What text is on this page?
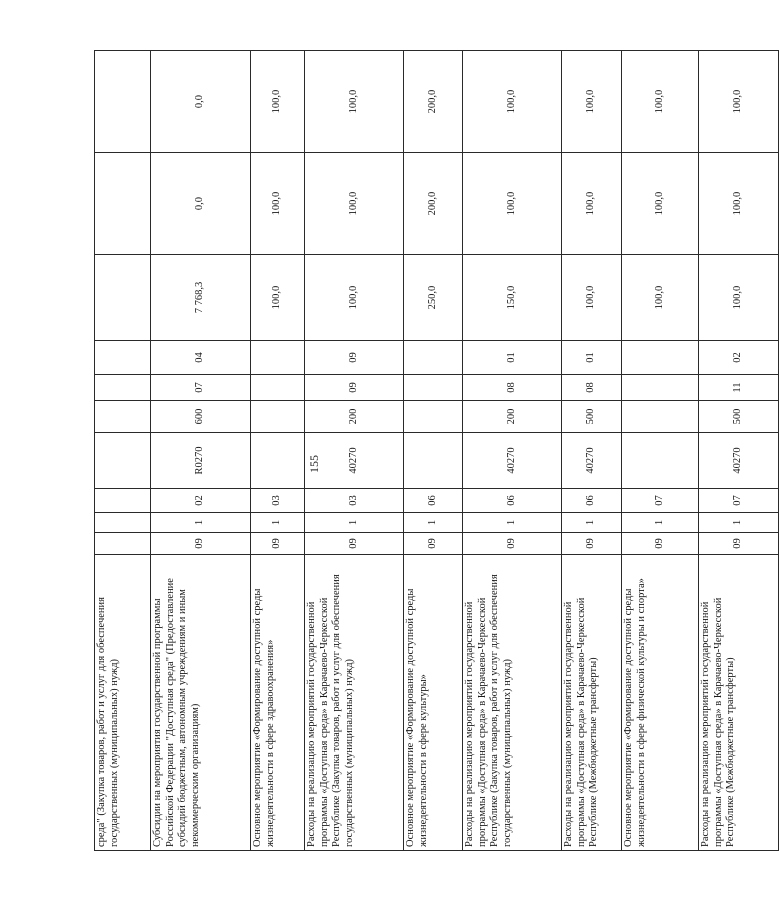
155
среда" (Закупка товаров, работ и услуг для обеспечения государственных (муниципальных) нужд)										
Субсидии на мероприятия государственной программы Российской Федерации "Доступная среда" (Предоставление субсидий бюджетным, автономным учреждениям и иным некоммерческим организациям)	09	1	02	R0270	600	07	04	7 768,3	0,0	0,0
Основное мероприятие «Формирование доступной среды жизнедеятельности в сфере здравоохранения»	09	1	03					100,0	100,0	100,0
Расходы на реализацию мероприятий государственной программы «Доступная среда» в Карачаево-Черкесской Республике (Закупка товаров, работ и услуг для обеспечения государственных (муниципальных) нужд)	09	1	03	40270	200	09	09	100,0	100,0	100,0
Основное мероприятие «Формирование доступной среды жизнедеятельности в сфере культуры»	09	1	06					250,0	200,0	200,0
Расходы на реализацию мероприятий государственной программы «Доступная среда» в Карачаево-Черкесской Республике (Закупка товаров, работ и услуг для обеспечения государственных (муниципальных) нужд)	09	1	06	40270	200	08	01	150,0	100,0	100,0
Расходы на реализацию мероприятий государственной программы «Доступная среда» в Карачаево-Черкесской Республике (Межбюджетные трансферты)	09	1	06	40270	500	08	01	100,0	100,0	100,0
Основное мероприятие «Формирование доступной среды жизнедеятельности в сфере физической культуры и спорта»	09	1	07					100,0	100,0	100,0
Расходы на реализацию мероприятий государственной программы «Доступная среда» в Карачаево-Черкесской Республике (Межбюджетные трансферты)	09	1	07	40270	500	11	02	100,0	100,0	100,0
